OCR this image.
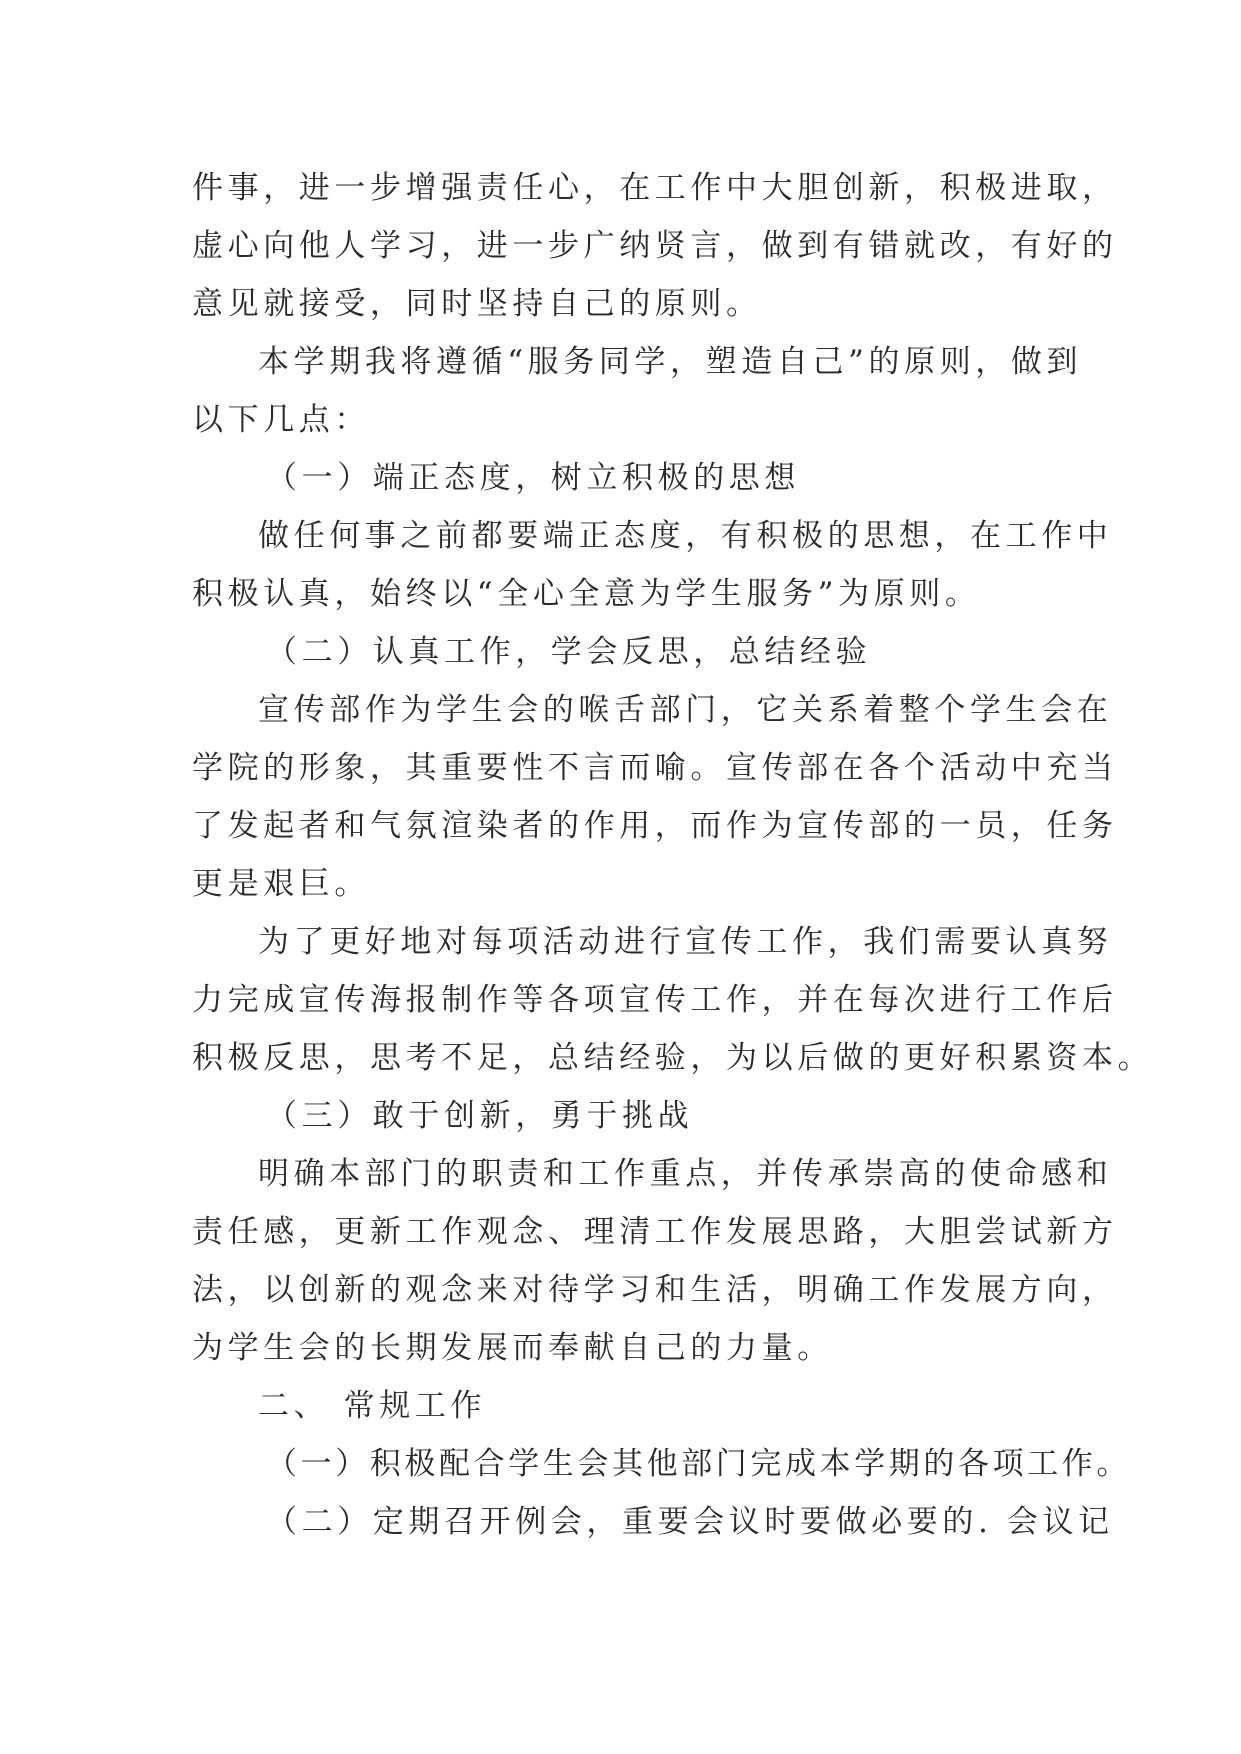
件事，进一步增强责任心，在工作中大胆创新，积极进取，
虚心向他人学习，进一步广纳贤言，做到有错就改，有好的
意见就接受，同时坚持自己的原则。
本学期我将遵循“服务同学，塑造自己”的原则，做到
以下几点：
（一）端正态度，树立积极的思想
做任何事之前都要端正态度，有积极的思想，在工作中
积极认真，始终以“全心全意为学生服务”为原则。
（二）认真工作，学会反思，总结经验
宣传部作为学生会的喉舌部门，它关系着整个学生会在
学院的形象，其重要性不言而喻。宣传部在各个活动中充当
了发起者和气氛渲染者的作用，而作为宣传部的一员，任务
更是艰巨。
为了更好地对每项活动进行宣传工作，我们需要认真努
力完成宣传海报制作等各项宣传工作，并在每次进行工作后
积极反思，思考不足，总结经验，为以后做的更好积累资本。
（三）敢于创新，勇于挑战
明确本部门的职责和工作重点，并传承崇高的使命感和
责任感，更新工作观念、理清工作发展思路，大胆尝试新方
法，以创新的观念来对待学习和生活，明确工作发展方向，
为学生会的长期发展而奉献自己的力量。
二、 常规工作
（一）积极配合学生会其他部门完成本学期的各项工作。
（二）定期召开例会，重要会议时要做必要的. 会议记
